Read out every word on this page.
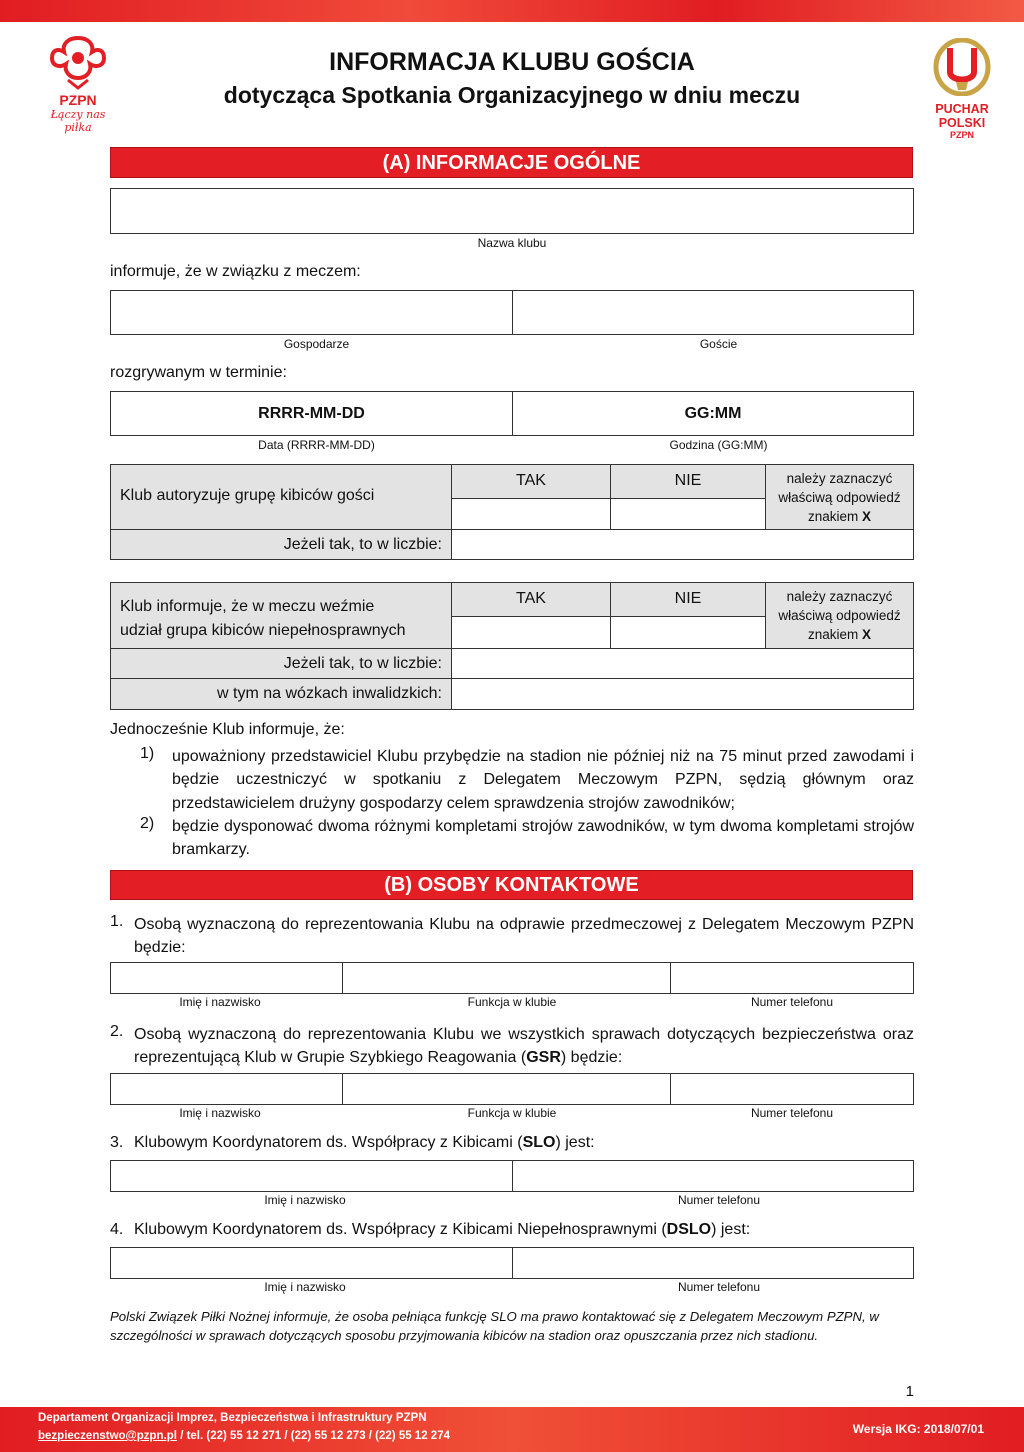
PZPN
Łączy nas piłka
PUCHAR POLSKI
PZPN
INFORMACJA KLUBU GOŚCIA
dotycząca Spotkania Organizacyjnego w dniu meczu
(A) INFORMACJE OGÓLNE
Nazwa klubu
informuje, że w związku z meczem:
Gospodarze	Goście
rozgrywanym w terminie:
RRRR-MM-DD	GG:MM
Data (RRRR-MM-DD)	Godzina (GG:MM)
Klub autoryzuje grupę kibiców gości
TAK	NIE	należy zaznaczyć
właściwą odpowiedź
znakiem X
Jeżeli tak, to w liczbie:
Klub informuje, że w meczu weźmie
udział grupa kibiców niepełnosprawnych
TAK	NIE	należy zaznaczyć
właściwą odpowiedź
znakiem X
Jeżeli tak, to w liczbie:
w tym na wózkach inwalidzkich:
Jednocześnie Klub informuje, że:
1) upoważniony przedstawiciel Klubu przybędzie na stadion nie później niż na 75 minut przed zawodami i będzie uczestniczyć w spotkaniu z Delegatem Meczowym PZPN, sędzią głównym oraz przedstawicielem drużyny gospodarzy celem sprawdzenia strojów zawodników;
2) będzie dysponować dwoma różnymi kompletami strojów zawodników, w tym dwoma kompletami strojów bramkarzy.
(B) OSOBY KONTAKTOWE
1. Osobą wyznaczoną do reprezentowania Klubu na odprawie przedmeczowej z Delegatem Meczowym PZPN będzie:
Imię i nazwisko	Funkcja w klubie	Numer telefonu
2. Osobą wyznaczoną do reprezentowania Klubu we wszystkich sprawach dotyczących bezpieczeństwa oraz reprezentującą Klub w Grupie Szybkiego Reagowania (GSR) będzie:
Imię i nazwisko	Funkcja w klubie	Numer telefonu
3. Klubowym Koordynatorem ds. Współpracy z Kibicami (SLO) jest:
Imię i nazwisko	Numer telefonu
4. Klubowym Koordynatorem ds. Współpracy z Kibicami Niepełnosprawnymi (DSLO) jest:
Imię i nazwisko	Numer telefonu
Polski Związek Piłki Nożnej informuje, że osoba pełniąca funkcję SLO ma prawo kontaktować się z Delegatem Meczowym PZPN, w szczególności w sprawach dotyczących sposobu przyjmowania kibiców na stadion oraz opuszczania przez nich stadionu.
1
Departament Organizacji Imprez, Bezpieczeństwa i Infrastruktury PZPN
bezpieczenstwo@pzpn.pl / tel. (22) 55 12 271 / (22) 55 12 273 / (22) 55 12 274	Wersja IKG: 2018/07/01
